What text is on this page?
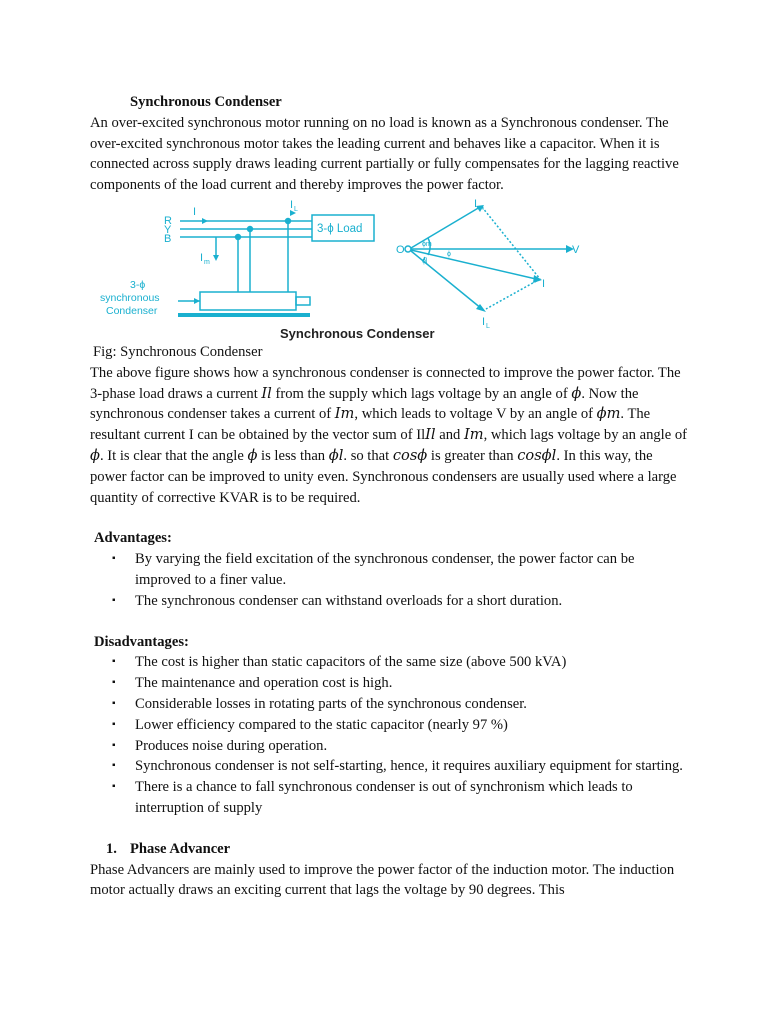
Synchronous Condenser

An over-excited synchronous motor running on no load is known as a Synchronous condenser. The over-excited synchronous motor takes the leading current and behaves like a capacitor. When it is connected across supply draws leading current partially or fully compensates for the lagging reactive components of the load current and thereby improves the power factor.

R
Y
B
I
I L
I m
3-ϕ Load
3-ϕ
synchronous
Condenser
O	V
I
I m
I L
ϕm
ϕ
ϕl
Synchronous Condenser

Fig: Synchronous Condenser

The above figure shows how a synchronous condenser is connected to improve the power factor. The 3-phase load draws a current Il from the supply which lags voltage by an angle of ϕ. Now the synchronous condenser takes a current of Im, which leads to voltage V by an angle of ϕm. The resultant current I can be obtained by the vector sum of IlIl and Im, which lags voltage by an angle of ϕ. It is clear that the angle ϕ is less than ϕl. so that cosϕ is greater than cosϕl. In this way, the power factor can be improved to unity even. Synchronous condensers are usually used where a large quantity of corrective KVAR is to be required.

Advantages:
▪ By varying the field excitation of the synchronous condenser, the power factor can be improved to a finer value.
▪ The synchronous condenser can withstand overloads for a short duration.
Disadvantages:
▪ The cost is higher than static capacitors of the same size (above 500 kVA)
▪ The maintenance and operation cost is high.
▪ Considerable losses in rotating parts of the synchronous condenser.
▪ Lower efficiency compared to the static capacitor (nearly 97 %)
▪ Produces noise during operation.
▪ Synchronous condenser is not self-starting, hence, it requires auxiliary equipment for starting.
▪ There is a chance to fall synchronous condenser is out of synchronism which leads to interruption of supply
1. Phase Advancer

Phase Advancers are mainly used to improve the power factor of the induction motor. The induction motor actually draws an exciting current that lags the voltage by 90 degrees. This
